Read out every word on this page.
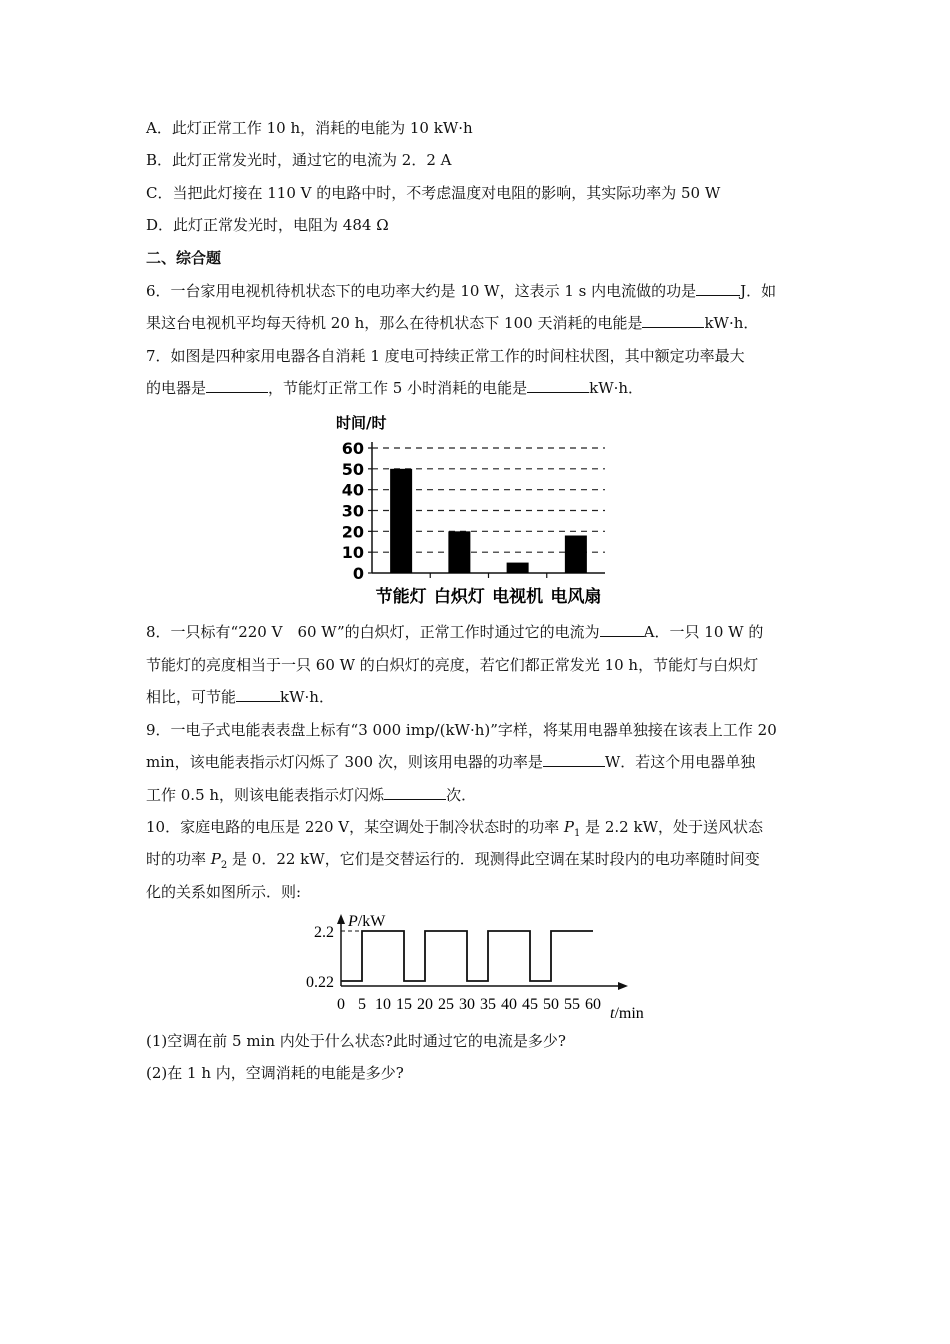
A．此灯正常工作 10 h，消耗的电能为 10 kW·h
B．此灯正常发光时，通过它的电流为 2．2 A
C．当把此灯接在 110 V 的电路中时，不考虑温度对电阻的影响，其实际功率为 50 W
D．此灯正常发光时，电阻为 484 Ω
二、综合题
6．一台家用电视机待机状态下的电功率大约是 10 W，这表示 1 s 内电流做的功是	J．如
果这台电视机平均每天待机 20 h，那么在待机状态下 100 天消耗的电能是	kW·h．
7．如图是四种家用电器各自消耗 1 度电可持续正常工作的时间柱状图，其中额定功率最大
的电器是	，节能灯正常工作 5 小时消耗的电能是	kW·h．
时间/时
0
10
20
30
40
50
60
节能灯 白炽灯 电视机 电风扇
8．一只标有“220 V　60 W”的白炽灯，正常工作时通过它的电流为	A．一只 10 W 的
节能灯的亮度相当于一只 60 W 的白炽灯的亮度，若它们都正常发光 10 h，节能灯与白炽灯
相比，可节能	kW·h．
9．一电子式电能表表盘上标有“3 000 imp/(kW·h)”字样，将某用电器单独接在该表上工作 20
min，该电能表指示灯闪烁了 300 次，则该用电器的功率是	W．若这个用电器单独
工作 0.5 h，则该电能表指示灯闪烁	次．
10．家庭电路的电压是 220 V，某空调处于制冷状态时的功率 $P_1$ 是 2.2 kW，处于送风状态
时的功率 $P_2$ 是 0．22 kW，它们是交替运行的．现测得此空调在某时段内的电功率随时间变
化的关系如图所示．则:
P/kW
t/min
0.22
2.2
0 5 10 15 20 25 30 35 40 45 50 55 60
(1)空调在前 5 min 内处于什么状态?此时通过它的电流是多少?
(2)在 1 h 内，空调消耗的电能是多少?
